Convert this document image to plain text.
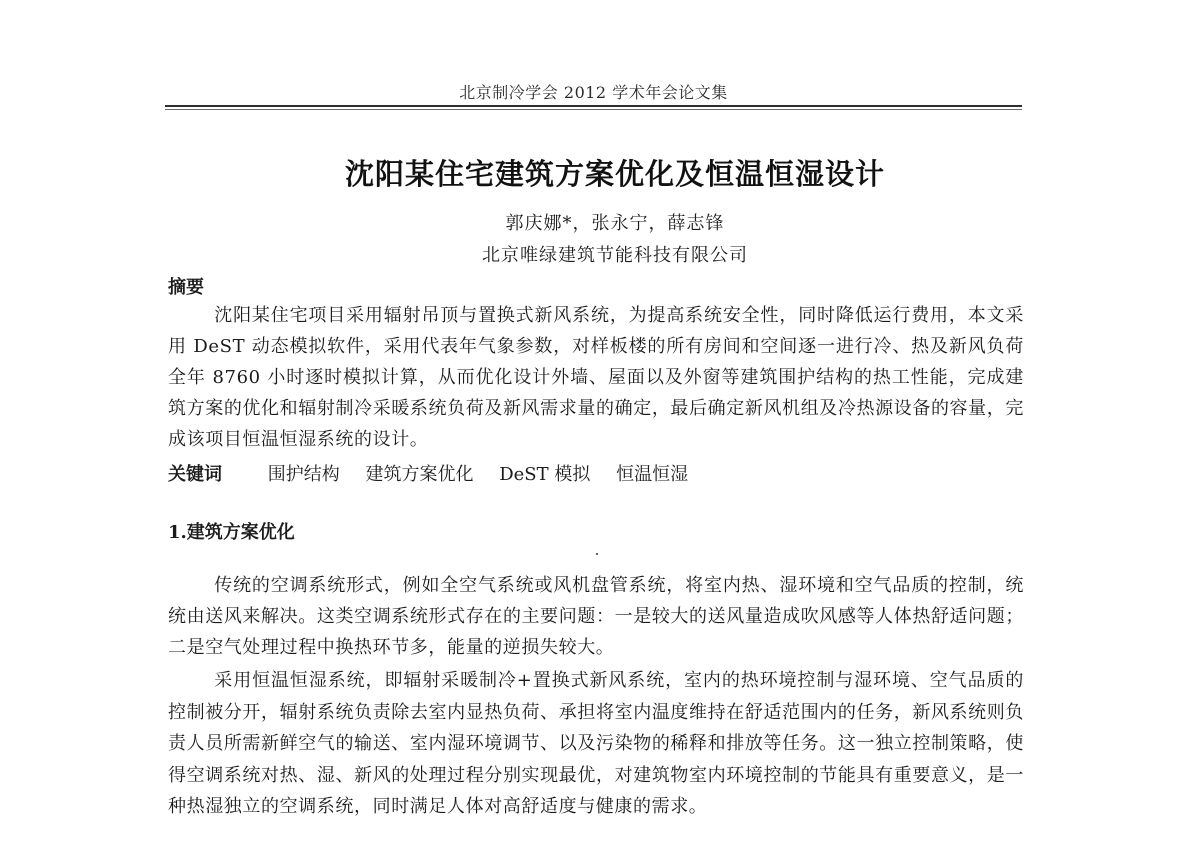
北京制冷学会 2012 学术年会论文集
沈阳某住宅建筑方案优化及恒温恒湿设计
郭庆娜*，张永宁，薛志锋
北京唯绿建筑节能科技有限公司
摘要

沈阳某住宅项目采用辐射吊顶与置换式新风系统，为提高系统安全性，同时降低运行费用，本文采用 DeST 动态模拟软件，采用代表年气象参数，对样板楼的所有房间和空间逐一进行冷、热及新风负荷全年 8760 小时逐时模拟计算，从而优化设计外墙、屋面以及外窗等建筑围护结构的热工性能，完成建筑方案的优化和辐射制冷采暖系统负荷及新风需求量的确定，最后确定新风机组及冷热源设备的容量，完成该项目恒温恒湿系统的设计。

关键词	围护结构 建筑方案优化 DeST 模拟 恒温恒湿
1.建筑方案优化

传统的空调系统形式，例如全空气系统或风机盘管系统，将室内热、湿环境和空气品质的控制，统统由送风来解决。这类空调系统形式存在的主要问题：一是较大的送风量造成吹风感等人体热舒适问题；二是空气处理过程中换热环节多，能量的逆损失较大。

采用恒温恒湿系统，即辐射采暖制冷+置换式新风系统，室内的热环境控制与湿环境、空气品质的控制被分开，辐射系统负责除去室内显热负荷、承担将室内温度维持在舒适范围内的任务，新风系统则负责人员所需新鲜空气的输送、室内湿环境调节、以及污染物的稀释和排放等任务。这一独立控制策略，使得空调系统对热、湿、新风的处理过程分别实现最优，对建筑物室内环境控制的节能具有重要意义，是一种热湿独立的空调系统，同时满足人体对高舒适度与健康的需求。
